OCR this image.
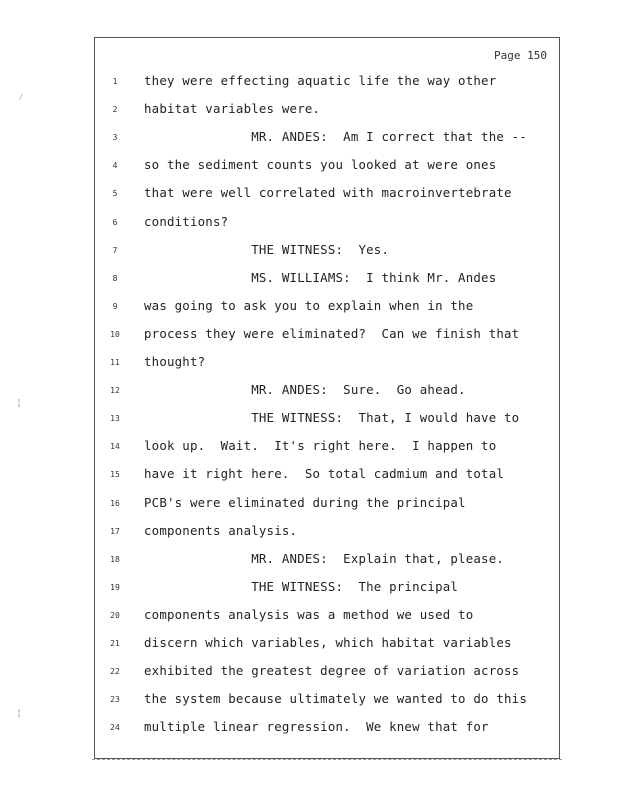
Page 150
1	they were effecting aquatic life the way other
2	habitat variables were.
3	MR. ANDES:  Am I correct that the --
4	so the sediment counts you looked at were ones
5	that were well correlated with macroinvertebrate
6	conditions?
7	THE WITNESS:  Yes.
8	MS. WILLIAMS:  I think Mr. Andes
9	was going to ask you to explain when in the
10	process they were eliminated?  Can we finish that
11	thought?
12	MR. ANDES:  Sure.  Go ahead.
13	THE WITNESS:  That, I would have to
14	look up.  Wait.  It's right here.  I happen to
15	have it right here.  So total cadmium and total
16	PCB's were eliminated during the principal
17	components analysis.
18	MR. ANDES:  Explain that, please.
19	THE WITNESS:  The principal
20	components analysis was a method we used to
21	discern which variables, which habitat variables
22	exhibited the greatest degree of variation across
23	the system because ultimately we wanted to do this
24	multiple linear regression.  We knew that for
⁄
¦
¦
